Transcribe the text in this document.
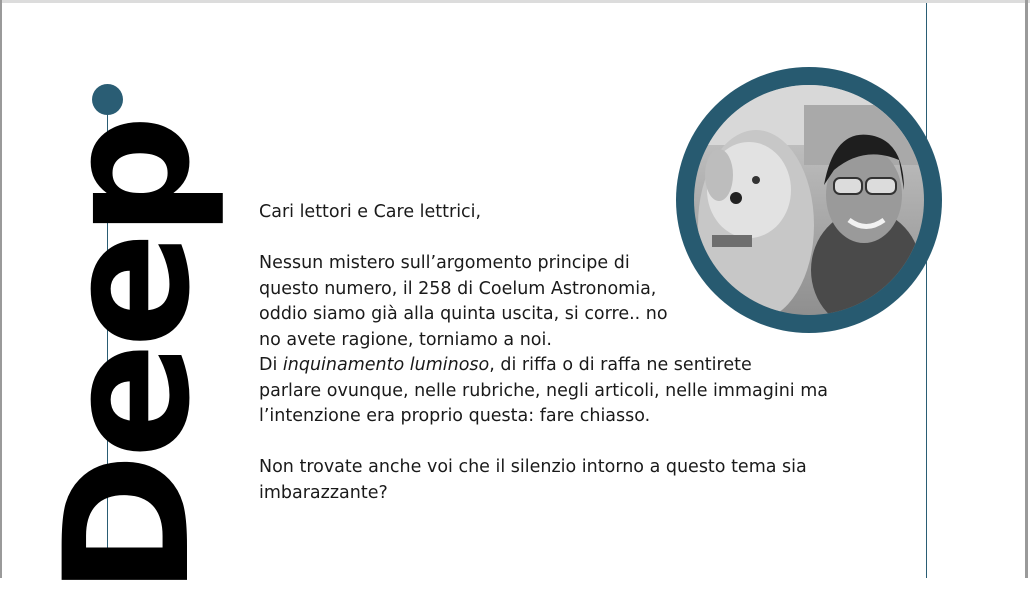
Deep Cari lettori e Care lettrici,

Nessun mistero sull’argomento principe di

questo numero, il 258 di Coelum Astronomia,

oddio siamo già alla quinta uscita, si corre.. no

no avete ragione, torniamo a noi.

Di inquinamento luminoso, di riffa o di raffa ne sentirete

parlare ovunque, nelle rubriche, negli articoli, nelle immagini ma

l’intenzione era proprio questa: fare chiasso.

Non trovate anche voi che il silenzio intorno a questo tema sia

imbarazzante?
